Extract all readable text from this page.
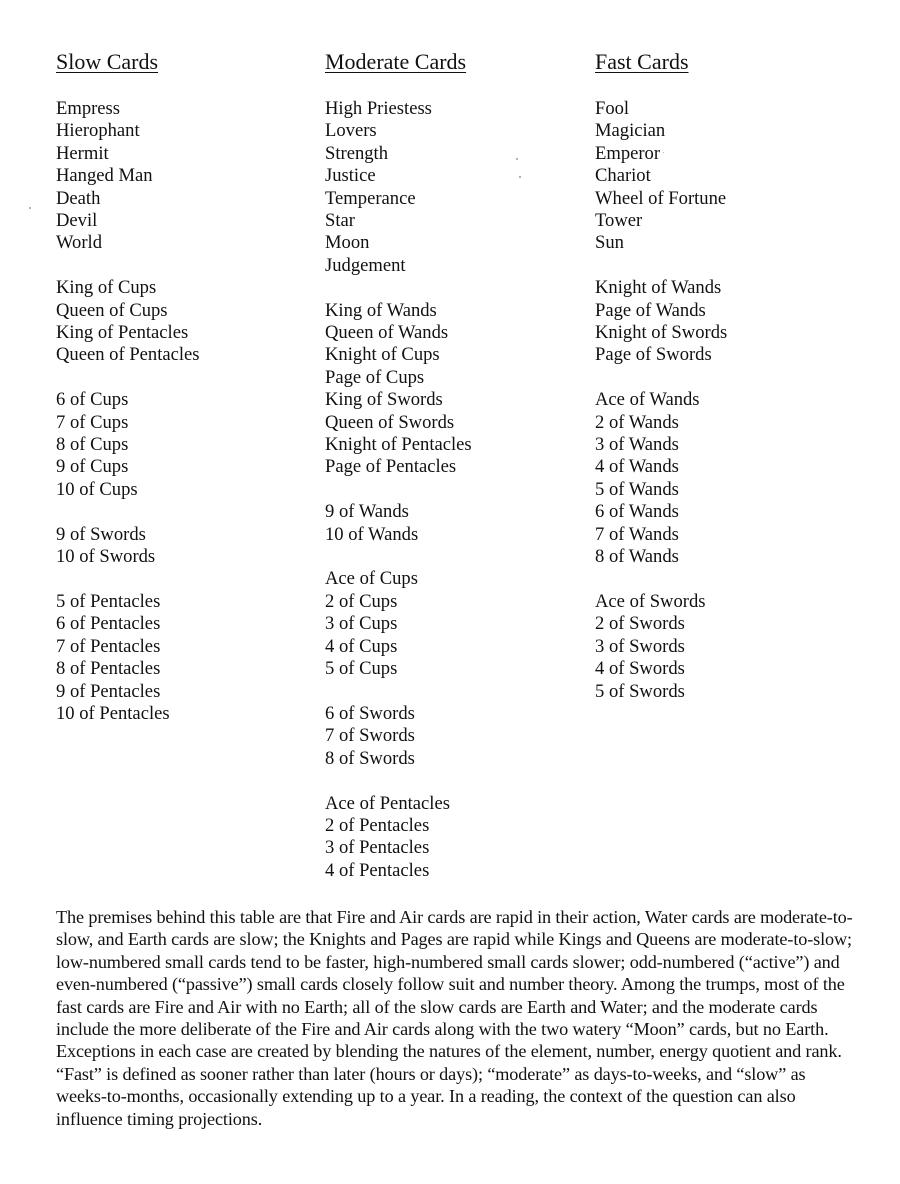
Slow Cards
Empress
Hierophant
Hermit
Hanged Man
Death
Devil
World
King of Cups
Queen of Cups
King of Pentacles
Queen of Pentacles
6 of Cups
7 of Cups
8 of Cups
9 of Cups
10 of Cups
9 of Swords
10 of Swords
5 of Pentacles
6 of Pentacles
7 of Pentacles
8 of Pentacles
9 of Pentacles
10 of Pentacles
Moderate Cards
High Priestess
Lovers
Strength
Justice
Temperance
Star
Moon
Judgement
King of Wands
Queen of Wands
Knight of Cups
Page of Cups
King of Swords
Queen of Swords
Knight of Pentacles
Page of Pentacles
9 of Wands
10 of Wands
Ace of Cups
2 of Cups
3 of Cups
4 of Cups
5 of Cups
6 of Swords
7 of Swords
8 of Swords
Ace of Pentacles
2 of Pentacles
3 of Pentacles
4 of Pentacles
Fast Cards
Fool
Magician
Emperor
Chariot
Wheel of Fortune
Tower
Sun
Knight of Wands
Page of Wands
Knight of Swords
Page of Swords
Ace of Wands
2 of Wands
3 of Wands
4 of Wands
5 of Wands
6 of Wands
7 of Wands
8 of Wands
Ace of Swords
2 of Swords
3 of Swords
4 of Swords
5 of Swords

The premises behind this table are that Fire and Air cards are rapid in their action, Water cards are moderate-to-slow, and Earth cards are slow; the Knights and Pages are rapid while Kings and Queens are moderate-to-slow; low-numbered small cards tend to be faster, high-numbered small cards slower; odd-numbered (“active”) and even-numbered (“passive”) small cards closely follow suit and number theory. Among the trumps, most of the fast cards are Fire and Air with no Earth; all of the slow cards are Earth and Water; and the moderate cards include the more deliberate of the Fire and Air cards along with the two watery “Moon” cards, but no Earth. Exceptions in each case are created by blending the natures of the element, number, energy quotient and rank. “Fast” is defined as sooner rather than later (hours or days); “moderate” as days-to-weeks, and “slow” as weeks-to-months, occasionally extending up to a year. In a reading, the context of the question can also influence timing projections.
